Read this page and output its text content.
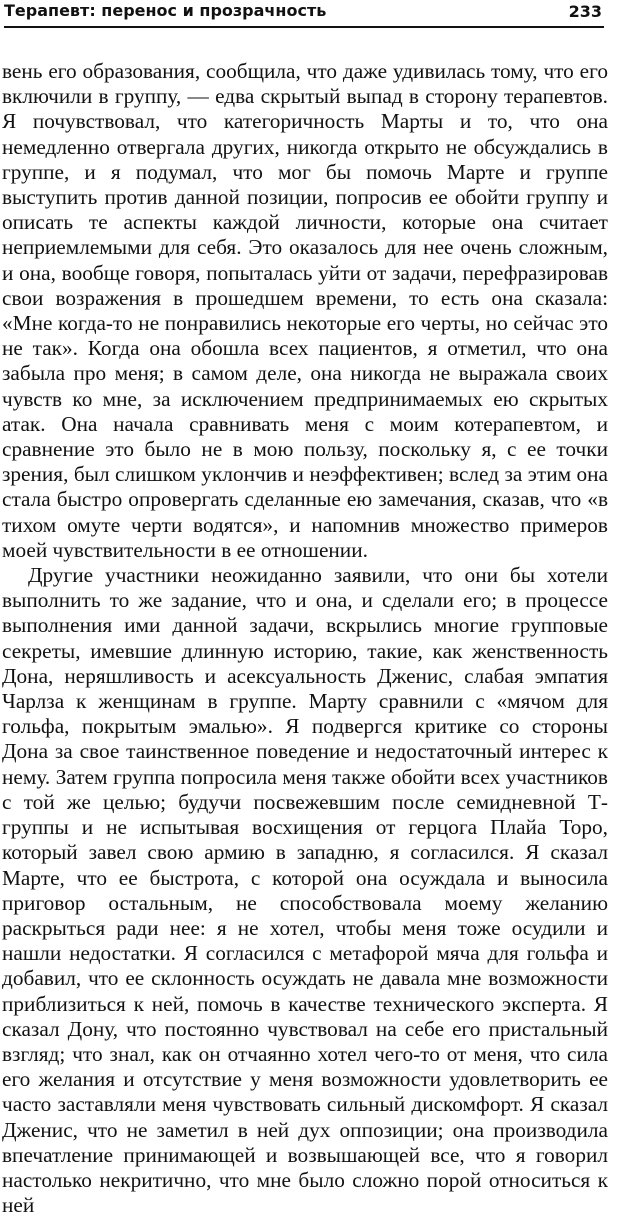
Терапевт: перенос и прозрачность	233

вень его образования, сообщила, что даже удивилась тому, что его включили в группу, — едва скрытый выпад в сторону терапевтов. Я почувствовал, что категоричность Марты и то, что она немедленно отвергала других, никогда открыто не обсуждались в группе, и я подумал, что мог бы помочь Марте и группе выступить против данной позиции, попросив ее обойти группу и описать те аспекты каждой личности, которые она считает неприемлемыми для себя. Это оказалось для нее очень сложным, и она, вообще говоря, попыталась уйти от задачи, перефразировав свои возражения в прошедшем времени, то есть она сказала: «Мне когда-то не понравились некоторые его черты, но сейчас это не так». Когда она обошла всех пациентов, я отметил, что она забыла про меня; в самом деле, она никогда не выражала своих чувств ко мне, за исключением предпринимаемых ею скрытых атак. Она начала сравнивать меня с моим котерапевтом, и сравнение это было не в мою пользу, поскольку я, с ее точки зрения, был слишком уклончив и неэффективен; вслед за этим она стала быстро опровергать сделанные ею замечания, сказав, что «в тихом омуте черти водятся», и напомнив множество примеров моей чувствительности в ее отношении.

Другие участники неожиданно заявили, что они бы хотели выполнить то же задание, что и она, и сделали его; в процессе выполнения ими данной задачи, вскрылись многие групповые секреты, имевшие длинную историю, такие, как женственность Дона, неряшливость и асексуальность Дженис, слабая эмпатия Чарлза к женщинам в группе. Марту сравнили с «мячом для гольфа, покрытым эмалью». Я подвергся критике со стороны Дона за свое таинственное поведение и недостаточный интерес к нему. Затем группа попросила меня также обойти всех участников с той же целью; будучи посвежевшим после семидневной Т-группы и не испытывая восхищения от герцога Плайа Торо, который завел свою армию в западню, я согласился. Я сказал Марте, что ее быстрота, с которой она осуждала и выносила приговор остальным, не способствовала моему желанию раскрыться ради нее: я не хотел, чтобы меня тоже осудили и нашли недостатки. Я согласился с метафорой мяча для гольфа и добавил, что ее склонность осуждать не давала мне возможности приблизиться к ней, помочь в качестве технического эксперта. Я сказал Дону, что постоянно чувствовал на себе его пристальный взгляд; что знал, как он отчаянно хотел чего-то от меня, что сила его желания и отсутствие у меня возможности удовлетворить ее часто заставляли меня чувствовать сильный дискомфорт. Я сказал Дженис, что не заметил в ней дух оппозиции; она производила впечатление принимающей и возвышающей все, что я говорил настолько некритично, что мне было сложно порой относиться к ней
